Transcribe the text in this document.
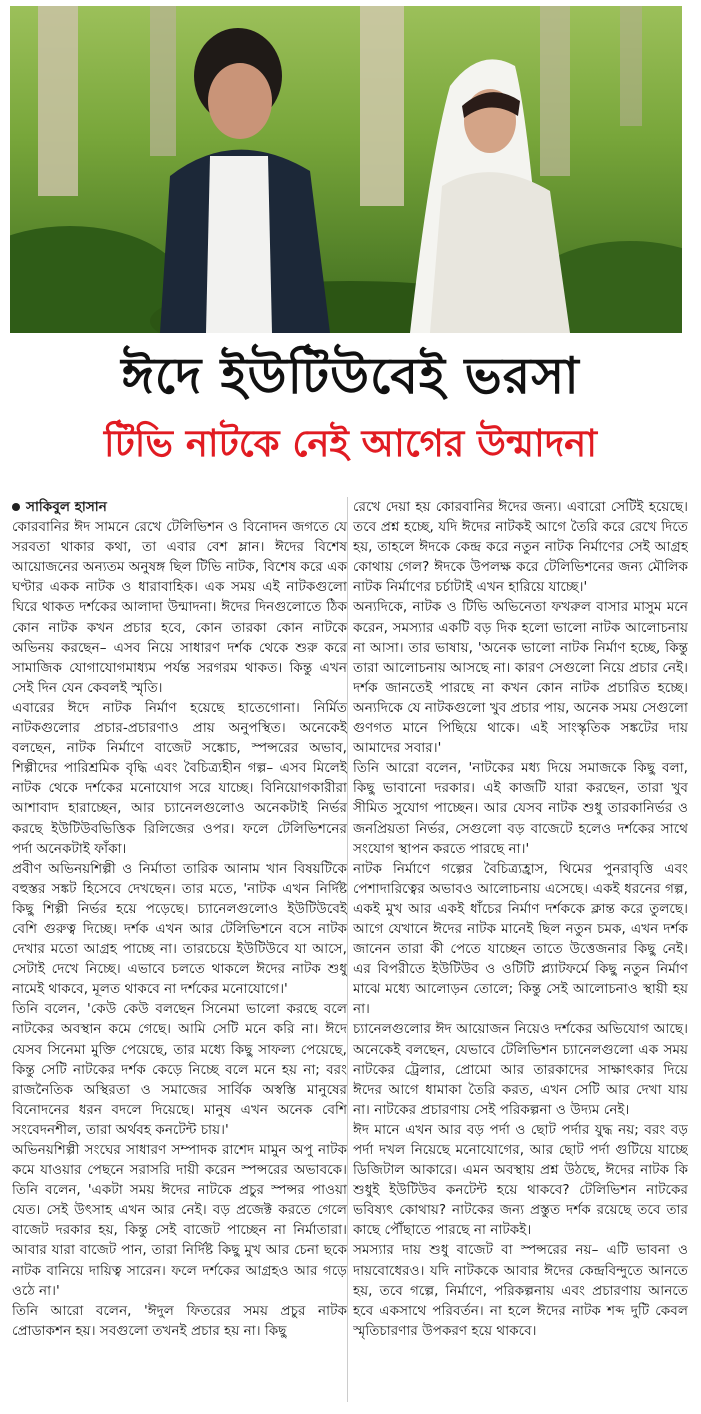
ঈদে ইউটিউবেই ভরসা
টিভি নাটকে নেই আগের উন্মাদনা

সাকিবুল হাসান

কোরবানির ঈদ সামনে রেখে টেলিভিশন ও বিনোদন জগতে যে সরবতা থাকার কথা, তা এবার বেশ ম্লান। ঈদের বিশেষ আয়োজনের অন্যতম অনুষঙ্গ ছিল টিভি নাটক, বিশেষ করে এক ঘণ্টার একক নাটক ও ধারাবাহিক। এক সময় এই নাটকগুলো ঘিরে থাকত দর্শকের আলাদা উন্মাদনা। ঈদের দিনগুলোতে ঠিক কোন নাটক কখন প্রচার হবে, কোন তারকা কোন নাটকে অভিনয় করছেন– এসব নিয়ে সাধারণ দর্শক থেকে শুরু করে সামাজিক যোগাযোগমাধ্যম পর্যন্ত সরগরম থাকত। কিন্তু এখন সেই দিন যেন কেবলই স্মৃতি।

এবারের ঈদে নাটক নির্মাণ হয়েছে হাতেগোনা। নির্মিত নাটকগুলোর প্রচার-প্রচারণাও প্রায় অনুপস্থিত। অনেকেই বলছেন, নাটক নির্মাণে বাজেট সঙ্কোচ, স্পন্সরের অভাব, শিল্পীদের পারিশ্রমিক বৃদ্ধি এবং বৈচিত্র্যহীন গল্প– এসব মিলেই নাটক থেকে দর্শকের মনোযোগ সরে যাচ্ছে। বিনিয়োগকারীরা আশাবাদ হারাচ্ছেন, আর চ্যানেলগুলোও অনেকটাই নির্ভর করছে ইউটিউবভিত্তিক রিলিজের ওপর। ফলে টেলিভিশনের পর্দা অনেকটাই ফাঁকা।

প্রবীণ অভিনয়শিল্পী ও নির্মাতা তারিক আনাম খান বিষয়টিকে বহুস্তর সঙ্কট হিসেবে দেখছেন। তার মতে, 'নাটক এখন নির্দিষ্ট কিছু শিল্পী নির্ভর হয়ে পড়েছে। চ্যানেলগুলোও ইউটিউবেই বেশি গুরুত্ব দিচ্ছে। দর্শক এখন আর টেলিভিশনে বসে নাটক দেখার মতো আগ্রহ পাচ্ছে না। তারচেয়ে ইউটিউবে যা আসে, সেটাই দেখে নিচ্ছে। এভাবে চলতে থাকলে ঈদের নাটক শুধু নামেই থাকবে, মূলত থাকবে না দর্শকের মনোযোগে।'

তিনি বলেন, 'কেউ কেউ বলছেন সিনেমা ভালো করছে বলে নাটকের অবস্থান কমে গেছে। আমি সেটি মনে করি না। ঈদে যেসব সিনেমা মুক্তি পেয়েছে, তার মধ্যে কিছু সাফল্য পেয়েছে, কিন্তু সেটি নাটকের দর্শক কেড়ে নিচ্ছে বলে মনে হয় না; বরং রাজনৈতিক অস্থিরতা ও সমাজের সার্বিক অস্বস্তি মানুষের বিনোদনের ধরন বদলে দিয়েছে। মানুষ এখন অনেক বেশি সংবেদনশীল, তারা অর্থবহ কনটেন্ট চায়।'

অভিনয়শিল্পী সংঘের সাধারণ সম্পাদক রাশেদ মামুন অপু নাটক কমে যাওয়ার পেছনে সরাসরি দায়ী করেন স্পন্সরের অভাবকে। তিনি বলেন, 'একটা সময় ঈদের নাটকে প্রচুর স্পন্সর পাওয়া যেত। সেই উৎসাহ এখন আর নেই। বড় প্রজেক্ট করতে গেলে বাজেট দরকার হয়, কিন্তু সেই বাজেট পাচ্ছেন না নির্মাতারা। আবার যারা বাজেট পান, তারা নির্দিষ্ট কিছু মুখ আর চেনা ছকে নাটক বানিয়ে দায়িত্ব সারেন। ফলে দর্শকের আগ্রহও আর গড়ে ওঠে না।'

তিনি আরো বলেন, 'ঈদুল ফিতরের সময় প্রচুর নাটক প্রোডাকশন হয়। সবগুলো তখনই প্রচার হয় না। কিছু

রেখে দেয়া হয় কোরবানির ঈদের জন্য। এবারো সেটিই হয়েছে। তবে প্রশ্ন হচ্ছে, যদি ঈদের নাটকই আগে তৈরি করে রেখে দিতে হয়, তাহলে ঈদকে কেন্দ্র করে নতুন নাটক নির্মাণের সেই আগ্রহ কোথায় গেল? ঈদকে উপলক্ষ করে টেলিভিশনের জন্য মৌলিক নাটক নির্মাণের চর্চাটাই এখন হারিয়ে যাচ্ছে।'

অন্যদিকে, নাটক ও টিভি অভিনেতা ফখরুল বাসার মাসুম মনে করেন, সমস্যার একটি বড় দিক হলো ভালো নাটক আলোচনায় না আসা। তার ভাষায়, 'অনেক ভালো নাটক নির্মাণ হচ্ছে, কিন্তু তারা আলোচনায় আসছে না। কারণ সেগুলো নিয়ে প্রচার নেই। দর্শক জানতেই পারছে না কখন কোন নাটক প্রচারিত হচ্ছে। অন্যদিকে যে নাটকগুলো খুব প্রচার পায়, অনেক সময় সেগুলো গুণগত মানে পিছিয়ে থাকে। এই সাংস্কৃতিক সঙ্কটের দায় আমাদের সবার।'

তিনি আরো বলেন, 'নাটকের মধ্য দিয়ে সমাজকে কিছু বলা, কিছু ভাবানো দরকার। এই কাজটি যারা করছেন, তারা খুব সীমিত সুযোগ পাচ্ছেন। আর যেসব নাটক শুধু তারকানির্ভর ও জনপ্রিয়তা নির্ভর, সেগুলো বড় বাজেটে হলেও দর্শকের সাথে সংযোগ স্থাপন করতে পারছে না।'

নাটক নির্মাণে গল্পের বৈচিত্র্যহ্রাস, থিমের পুনরাবৃত্তি এবং পেশাদারিত্বের অভাবও আলোচনায় এসেছে। একই ধরনের গল্প, একই মুখ আর একই ধাঁচের নির্মাণ দর্শককে ক্লান্ত করে তুলছে। আগে যেখানে ঈদের নাটক মানেই ছিল নতুন চমক, এখন দর্শক জানেন তারা কী পেতে যাচ্ছেন তাতে উত্তেজনার কিছু নেই। এর বিপরীতে ইউটিউব ও ওটিটি প্ল্যাটফর্মে কিছু নতুন নির্মাণ মাঝে মধ্যে আলোড়ন তোলে; কিন্তু সেই আলোচনাও স্থায়ী হয় না।

চ্যানেলগুলোর ঈদ আয়োজন নিয়েও দর্শকের অভিযোগ আছে। অনেকেই বলছেন, যেভাবে টেলিভিশন চ্যানেলগুলো এক সময় নাটকের ট্রেলার, প্রোমো আর তারকাদের সাক্ষাৎকার দিয়ে ঈদের আগে ধামাকা তৈরি করত, এখন সেটি আর দেখা যায় না। নাটকের প্রচারণায় সেই পরিকল্পনা ও উদ্যম নেই।

ঈদ মানে এখন আর বড় পর্দা ও ছোট পর্দার যুদ্ধ নয়; বরং বড় পর্দা দখল নিয়েছে মনোযোগের, আর ছোট পর্দা গুটিয়ে যাচ্ছে ডিজিটাল আকারে। এমন অবস্থায় প্রশ্ন উঠছে, ঈদের নাটক কি শুধুই ইউটিউব কনটেন্ট হয়ে থাকবে? টেলিভিশন নাটকের ভবিষ্যৎ কোথায়? নাটকের জন্য প্রস্তুত দর্শক রয়েছে তবে তার কাছে পৌঁছাতে পারছে না নাটকই।

সমস্যার দায় শুধু বাজেট বা স্পন্সরের নয়– এটি ভাবনা ও দায়বোধেরও। যদি নাটককে আবার ঈদের কেন্দ্রবিন্দুতে আনতে হয়, তবে গল্পে, নির্মাণে, পরিকল্পনায় এবং প্রচারণায় আনতে হবে একসাথে পরিবর্তন। না হলে ঈদের নাটক শব্দ দুটি কেবল স্মৃতিচারণার উপকরণ হয়ে থাকবে।
